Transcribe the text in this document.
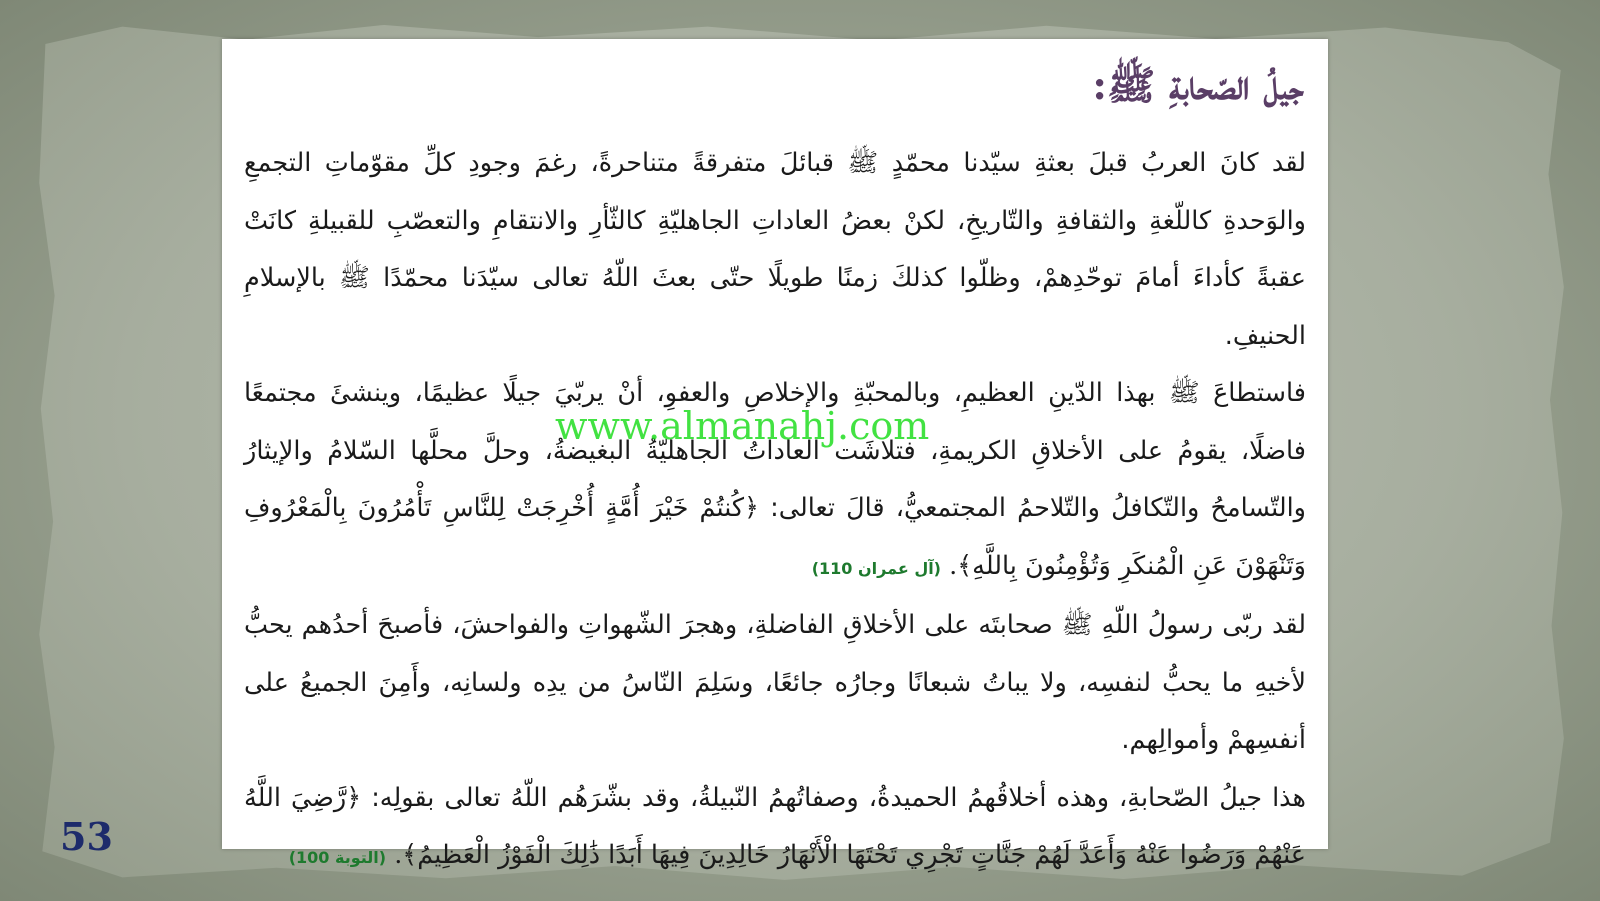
جيلُ الصّحابةِ ﷺ:

لقد كانَ العربُ قبلَ بعثةِ سيّدنا محمّدٍ ﷺ قبائلَ متفرقةً متناحرةً، رغمَ وجودِ كلِّ مقوّماتِ التجمعِ والوَحدةِ كاللّغةِ والثقافةِ والتّاريخِ، لكنْ بعضُ العاداتِ الجاهليّةِ كالثّأرِ والانتقامِ والتعصّبِ للقبيلةِ كانَتْ عقبةً كأداءَ أمامَ توحّدِهمْ، وظلّوا كذلكَ زمنًا طويلًا حتّى بعثَ اللّهُ تعالى سيّدَنا محمّدًا ﷺ بالإسلامِ الحنيفِ.

فاستطاعَ ﷺ بهذا الدّينِ العظيمِ، وبالمحبّةِ والإخلاصِ والعفوِ، أنْ يربّيَ جيلًا عظيمًا، وينشئَ مجتمعًا فاضلًا، يقومُ على الأخلاقِ الكريمةِ، فتلاشَت العاداتُ الجاهليّةُ البغيضةُ، وحلَّ محلَّها السّلامُ والإيثارُ والتّسامحُ والتّكافلُ والتّلاحمُ المجتمعيُّ، قالَ تعالى: ﴿كُنتُمْ خَيْرَ أُمَّةٍ أُخْرِجَتْ لِلنَّاسِ تَأْمُرُونَ بِالْمَعْرُوفِ وَتَنْهَوْنَ عَنِ الْمُنكَرِ وَتُؤْمِنُونَ بِاللَّهِ﴾. (آل عمران 110)

لقد ربّى رسولُ اللّهِ ﷺ صحابتَه على الأخلاقِ الفاضلةِ، وهجرَ الشّهواتِ والفواحشَ، فأصبحَ أحدُهم يحبُّ لأخيهِ ما يحبُّ لنفسِه، ولا يباتُ شبعانًا وجارُه جائعًا، وسَلِمَ النّاسُ من يدِه ولسانِه، وأَمِنَ الجميعُ على أنفسِهمْ وأموالِهم.

هذا جيلُ الصّحابةِ، وهذه أخلاقُهمُ الحميدةُ، وصفاتُهمُ النّبيلةُ، وقد بشّرَهُم اللّهُ تعالى بقولِه: ﴿رَّضِيَ اللَّهُ عَنْهُمْ وَرَضُوا عَنْهُ وَأَعَدَّ لَهُمْ جَنَّاتٍ تَجْرِي تَحْتَهَا الْأَنْهَارُ خَالِدِينَ فِيهَا أَبَدًا ذَٰلِكَ الْفَوْزُ الْعَظِيمُ﴾. (التوبة 100)

www.almanahj.com
53
